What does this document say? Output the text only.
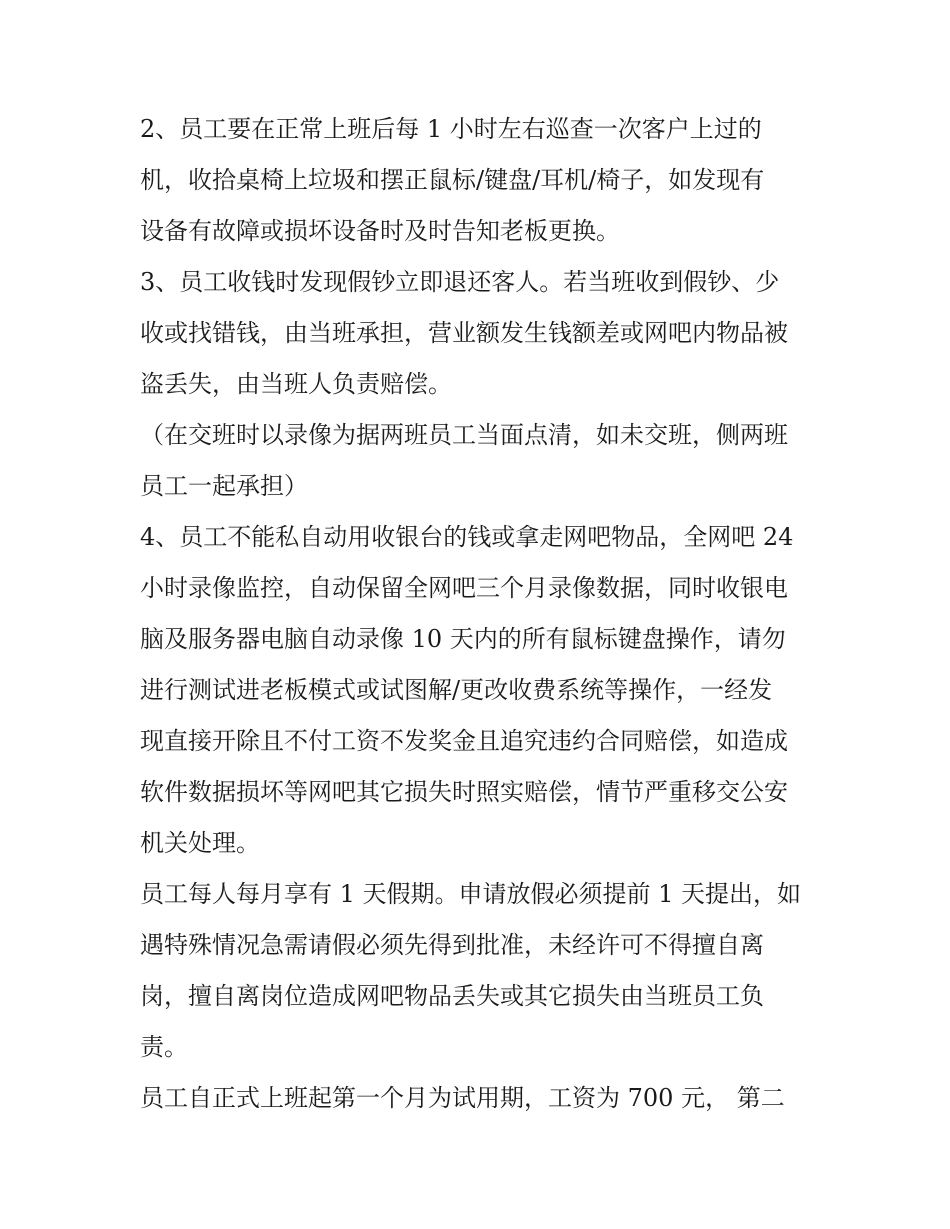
2、员工要在正常上班后每 1 小时左右巡查一次客户上过的
机，收拾桌椅上垃圾和摆正鼠标/键盘/耳机/椅子，如发现有
设备有故障或损坏设备时及时告知老板更换。
3、员工收钱时发现假钞立即退还客人。若当班收到假钞、少
收或找错钱，由当班承担，营业额发生钱额差或网吧内物品被
盗丢失，由当班人负责赔偿。
（在交班时以录像为据两班员工当面点清，如未交班，侧两班
员工一起承担）
4、员工不能私自动用收银台的钱或拿走网吧物品，全网吧 24
小时录像监控，自动保留全网吧三个月录像数据，同时收银电
脑及服务器电脑自动录像 10 天内的所有鼠标键盘操作，请勿
进行测试进老板模式或试图解/更改收费系统等操作，一经发
现直接开除且不付工资不发奖金且追究违约合同赔偿，如造成
软件数据损坏等网吧其它损失时照实赔偿，情节严重移交公安
机关处理。
员工每人每月享有 1 天假期。申请放假必须提前 1 天提出，如
遇特殊情况急需请假必须先得到批准，未经许可不得擅自离
岗，擅自离岗位造成网吧物品丢失或其它损失由当班员工负
责。
员工自正式上班起第一个月为试用期，工资为 700 元， 第二
